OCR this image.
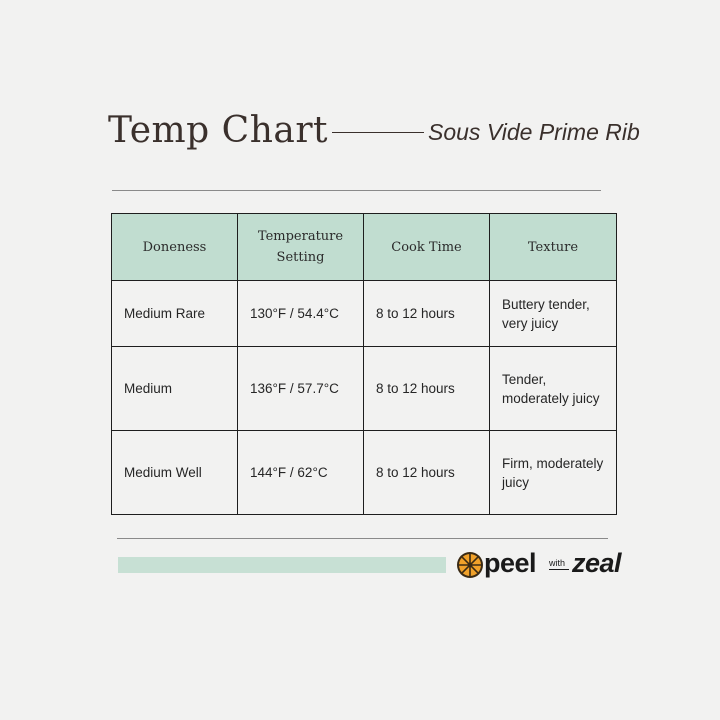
Temp Chart	Sous Vide Prime Rib
Doneness	Temperature Setting	Cook Time	Texture
Medium Rare	130°F / 54.4°C	8 to 12 hours	Buttery tender, very juicy
Medium	136°F / 57.7°C	8 to 12 hours	Tender, moderately juicy
Medium Well	144°F / 62°C	8 to 12 hours	Firm, moderately juicy
peel with zeal
